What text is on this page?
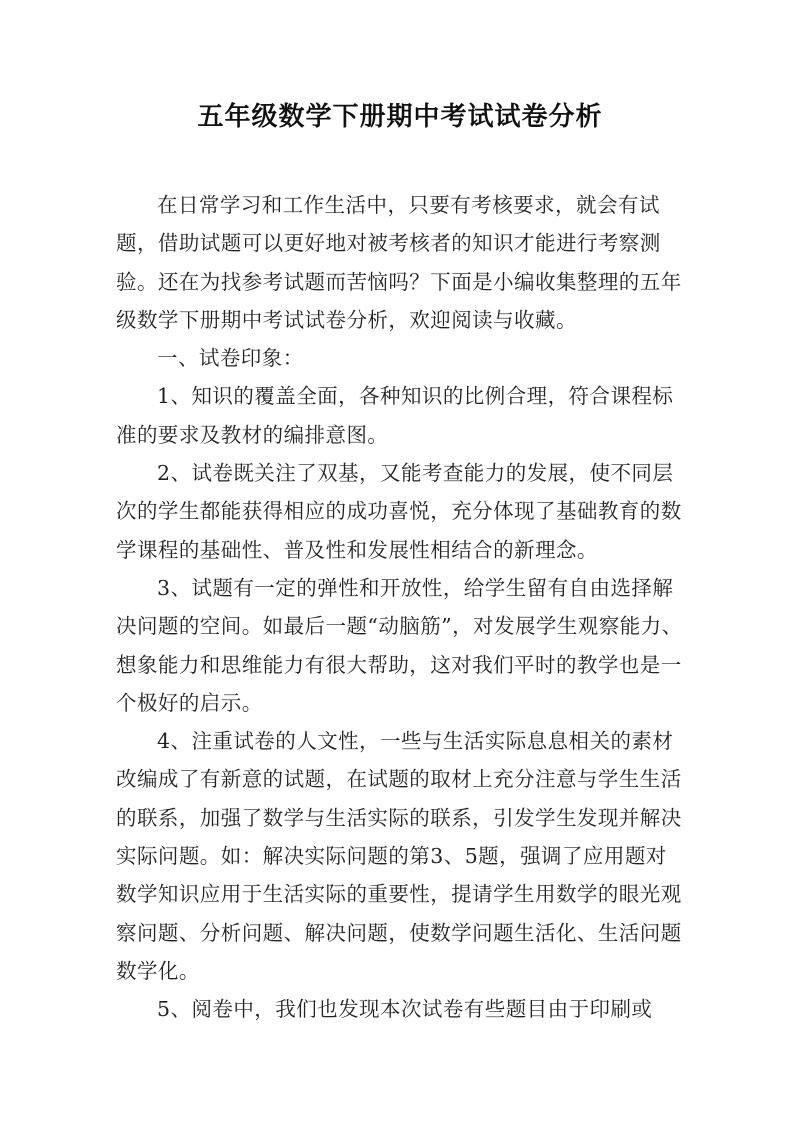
五年级数学下册期中考试试卷分析

在日常学习和工作生活中，只要有考核要求，就会有试题，借助试题可以更好地对被考核者的知识才能进行考察测验。还在为找参考试题而苦恼吗？下面是小编收集整理的五年级数学下册期中考试试卷分析，欢迎阅读与收藏。

一、试卷印象：

1、知识的覆盖全面，各种知识的比例合理，符合课程标准的要求及教材的编排意图。

2、试卷既关注了双基，又能考查能力的发展，使不同层次的学生都能获得相应的成功喜悦，充分体现了基础教育的数学课程的基础性、普及性和发展性相结合的新理念。

3、试题有一定的弹性和开放性，给学生留有自由选择解决问题的空间。如最后一题“动脑筋”，对发展学生观察能力、想象能力和思维能力有很大帮助，这对我们平时的教学也是一个极好的启示。

4、注重试卷的人文性，一些与生活实际息息相关的素材改编成了有新意的试题，在试题的取材上充分注意与学生生活的联系，加强了数学与生活实际的联系，引发学生发现并解决实际问题。如：解决实际问题的第3、5题，强调了应用题对数学知识应用于生活实际的重要性，提请学生用数学的眼光观察问题、分析问题、解决问题，使数学问题生活化、生活问题数学化。

5、阅卷中，我们也发现本次试卷有些题目由于印刷或
